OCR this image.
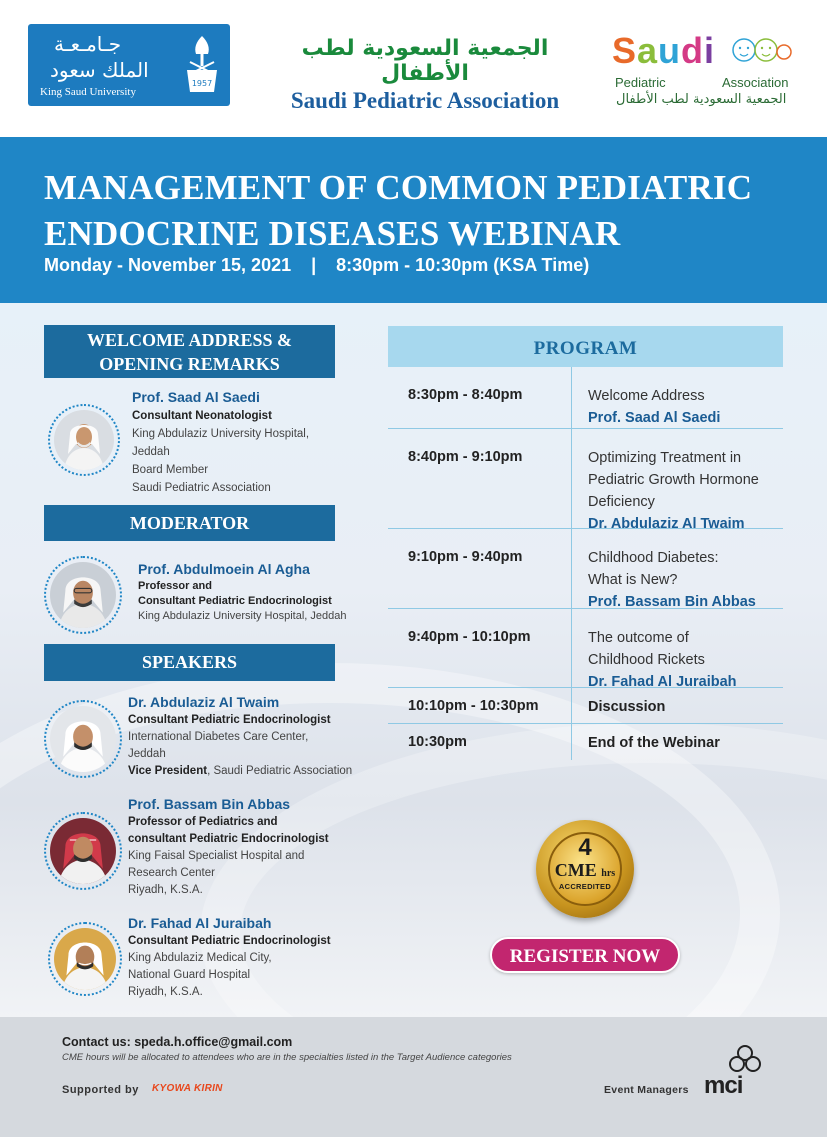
جـامـعـة
الملك سعود
King Saud University
1957
الجمعية السعودية لطب الأطفال
Saudi Pediatric Association
Saudi
Pediatric	Association
الجمعية السعودية لطب الأطفال
MANAGEMENT OF COMMON PEDIATRIC
ENDOCRINE DISEASES WEBINAR
Monday - November 15, 2021    |    8:30pm - 10:30pm (KSA Time)
WELCOME ADDRESS &
OPENING REMARKS
MODERATOR
SPEAKERS
Prof. Saad Al Saedi
Consultant Neonatologist
King Abdulaziz University Hospital,
Jeddah
Board Member
Saudi Pediatric Association
Prof. Abdulmoein Al Agha
Professor and
Consultant Pediatric Endocrinologist
King Abdulaziz University Hospital, Jeddah
Dr. Abdulaziz Al Twaim
Consultant Pediatric Endocrinologist
International Diabetes Care Center,
Jeddah
Vice President, Saudi Pediatric Association
Prof. Bassam Bin Abbas
Professor of Pediatrics and
consultant Pediatric Endocrinologist
King Faisal Specialist Hospital and
Research Center
Riyadh, K.S.A.
Dr. Fahad Al Juraibah
Consultant Pediatric Endocrinologist
King Abdulaziz Medical City,
National Guard Hospital
Riyadh, K.S.A.
PROGRAM
8:30pm - 8:40pm	Welcome Address
Prof. Saad Al Saedi
8:40pm - 9:10pm	Optimizing Treatment in
Pediatric Growth Hormone
Deficiency
Dr. Abdulaziz Al Twaim
9:10pm - 9:40pm	Childhood Diabetes:
What is New?
Prof. Bassam Bin Abbas
9:40pm - 10:10pm	The outcome of
Childhood Rickets
Dr. Fahad Al Juraibah
10:10pm - 10:30pm	Discussion
10:30pm	End of the Webinar
4
CME hrs
ACCREDITED
REGISTER NOW
Contact us: speda.h.office@gmail.com
CME hours will be allocated to attendees who are in the specialties listed in the Target Audience categories
Supported by KYOWA KIRIN	Event Managers mci
